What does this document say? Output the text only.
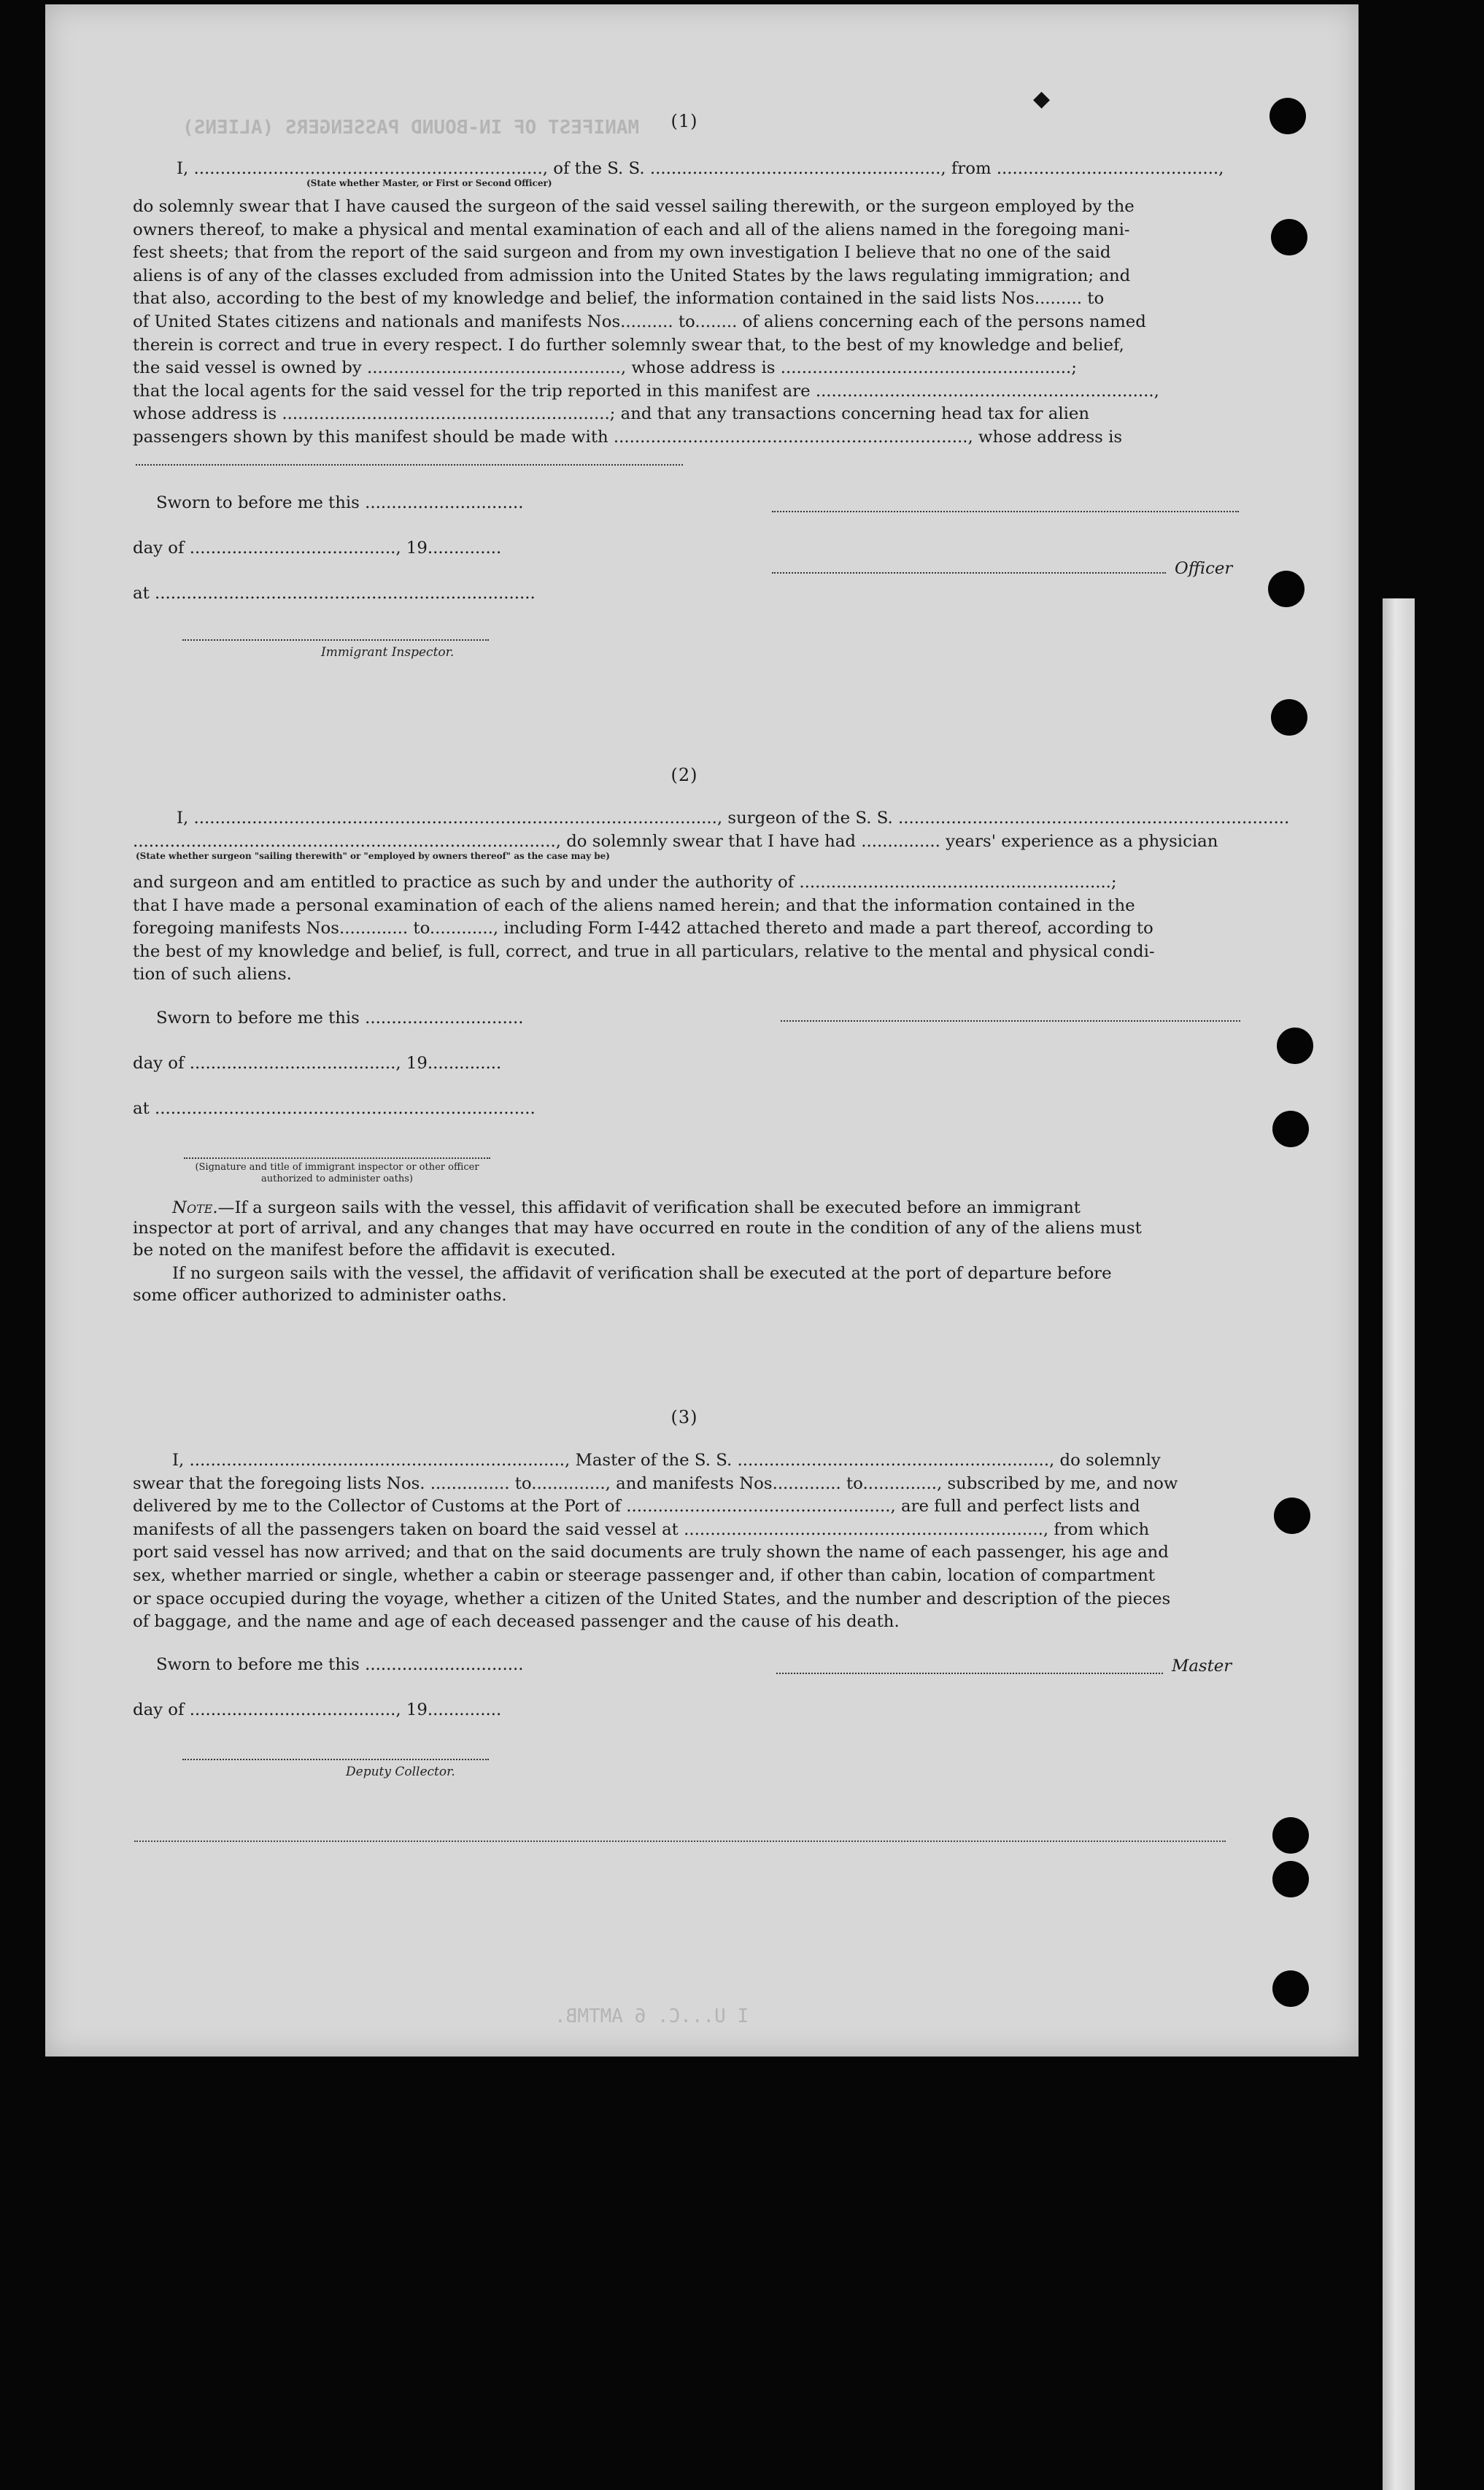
MANIFEST OF IN-BOUND PASSENGERS (ALIENS)
I U...C. 6 AMTMB.
◆
(1)
I, .................................................................., of the S. S. ......................................................., from ..........................................,
(State whether Master, or First or Second Officer)
do solemnly swear that I have caused the surgeon of the said vessel sailing therewith, or the surgeon employed by the
owners thereof, to make a physical and mental examination of each and all of the aliens named in the foregoing mani-
fest sheets; that from the report of the said surgeon and from my own investigation I believe that no one of the said
aliens is of any of the classes excluded from admission into the United States by the laws regulating immigration; and
that also, according to the best of my knowledge and belief, the information contained in the said lists Nos......... to
of United States citizens and nationals and manifests Nos.......... to........ of aliens concerning each of the persons named
therein is correct and true in every respect. I do further solemnly swear that, to the best of my knowledge and belief,
the said vessel is owned by ................................................, whose address is .......................................................;
that the local agents for the said vessel for the trip reported in this manifest are ................................................................,
whose address is ..............................................................; and that any transactions concerning head tax for alien
passengers shown by this manifest should be made with ..................................................................., whose address is
Sworn to before me this ..............................
day of ......................................., 19..............
at ........................................................................
Immigrant Inspector.
Officer
(2)
I, ..................................................................................................., surgeon of the S. S. ..........................................................................
................................................................................, do solemnly swear that I have had ............... years' experience as a physician
(State whether surgeon "sailing therewith" or "employed by owners thereof" as the case may be)
and surgeon and am entitled to practice as such by and under the authority of ...........................................................;
that I have made a personal examination of each of the aliens named herein; and that the information contained in the
foregoing manifests Nos............. to............, including Form I-442 attached thereto and made a part thereof, according to
the best of my knowledge and belief, is full, correct, and true in all particulars, relative to the mental and physical condi-
tion of such aliens.
Sworn to before me this ..............................
day of ......................................., 19..............
at ........................................................................
(Signature and title of immigrant inspector or other officer authorized to administer oaths)
Note.—If a surgeon sails with the vessel, this affidavit of verification shall be executed before an immigrant
inspector at port of arrival, and any changes that may have occurred en route in the condition of any of the aliens must
be noted on the manifest before the affidavit is executed.
If no surgeon sails with the vessel, the affidavit of verification shall be executed at the port of departure before
some officer authorized to administer oaths.
(3)
I, ......................................................................., Master of the S. S. ..........................................................., do solemnly
swear that the foregoing lists Nos. ............... to.............., and manifests Nos............. to.............., subscribed by me, and now
delivered by me to the Collector of Customs at the Port of .................................................., are full and perfect lists and
manifests of all the passengers taken on board the said vessel at ...................................................................., from which
port said vessel has now arrived; and that on the said documents are truly shown the name of each passenger, his age and
sex, whether married or single, whether a cabin or steerage passenger and, if other than cabin, location of compartment
or space occupied during the voyage, whether a citizen of the United States, and the number and description of the pieces
of baggage, and the name and age of each deceased passenger and the cause of his death.
Sworn to before me this ..............................
day of ......................................., 19..............
Master
Deputy Collector.
